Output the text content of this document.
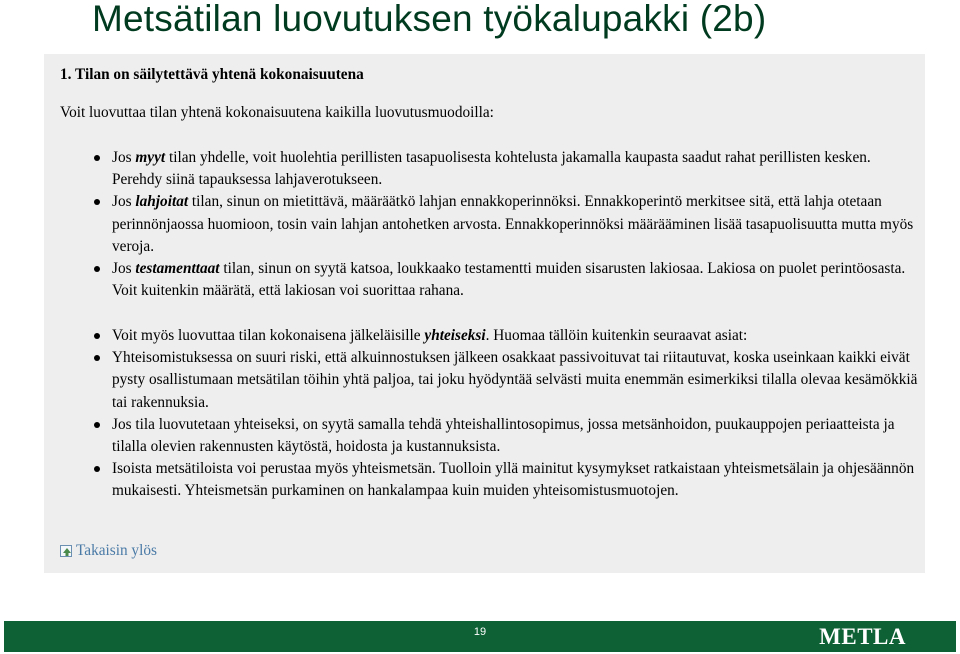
Metsätilan luovutuksen työkalupakki (2b)
1. Tilan on säilytettävä yhtenä kokonaisuutena
Voit luovuttaa tilan yhtenä kokonaisuutena kaikilla luovutusmuodoilla:
Jos myyt tilan yhdelle, voit huolehtia perillisten tasapuolisesta kohtelusta jakamalla kaupasta saadut rahat perillisten kesken. Perehdy siinä tapauksessa lahjaverotukseen.
Jos lahjoitat tilan, sinun on mietittävä, määräätkö lahjan ennakkoperinnöksi. Ennakkoperintö merkitsee sitä, että lahja otetaan perinnönjaossa huomioon, tosin vain lahjan antohetken arvosta. Ennakkoperinnöksi määrääminen lisää tasapuolisuutta mutta myös veroja.
Jos testamenttaat tilan, sinun on syytä katsoa, loukkaako testamentti muiden sisarusten lakiosaa. Lakiosa on puolet perintöosasta. Voit kuitenkin määrätä, että lakiosan voi suorittaa rahana.
Voit myös luovuttaa tilan kokonaisena jälkeläisille yhteiseksi. Huomaa tällöin kuitenkin seuraavat asiat:
Yhteisomistuksessa on suuri riski, että alkuinnostuksen jälkeen osakkaat passivoituvat tai riitautuvat, koska useinkaan kaikki eivät pysty osallistumaan metsätilan töihin yhtä paljoa, tai joku hyödyntää selvästi muita enemmän esimerkiksi tilalla olevaa kesämökkiä tai rakennuksia.
Jos tila luovutetaan yhteiseksi, on syytä samalla tehdä yhteishallintosopimus, jossa metsänhoidon, puukauppojen periaatteista ja tilalla olevien rakennusten käytöstä, hoidosta ja kustannuksista.
Isoista metsätiloista voi perustaa myös yhteismetsän. Tuolloin yllä mainitut kysymykset ratkaistaan yhteismetsälain ja ohjesäännön mukaisesti. Yhteismetsän purkaminen on hankalampaa kuin muiden yhteisomistusmuotojen.
Takaisin ylös
19	METLA
